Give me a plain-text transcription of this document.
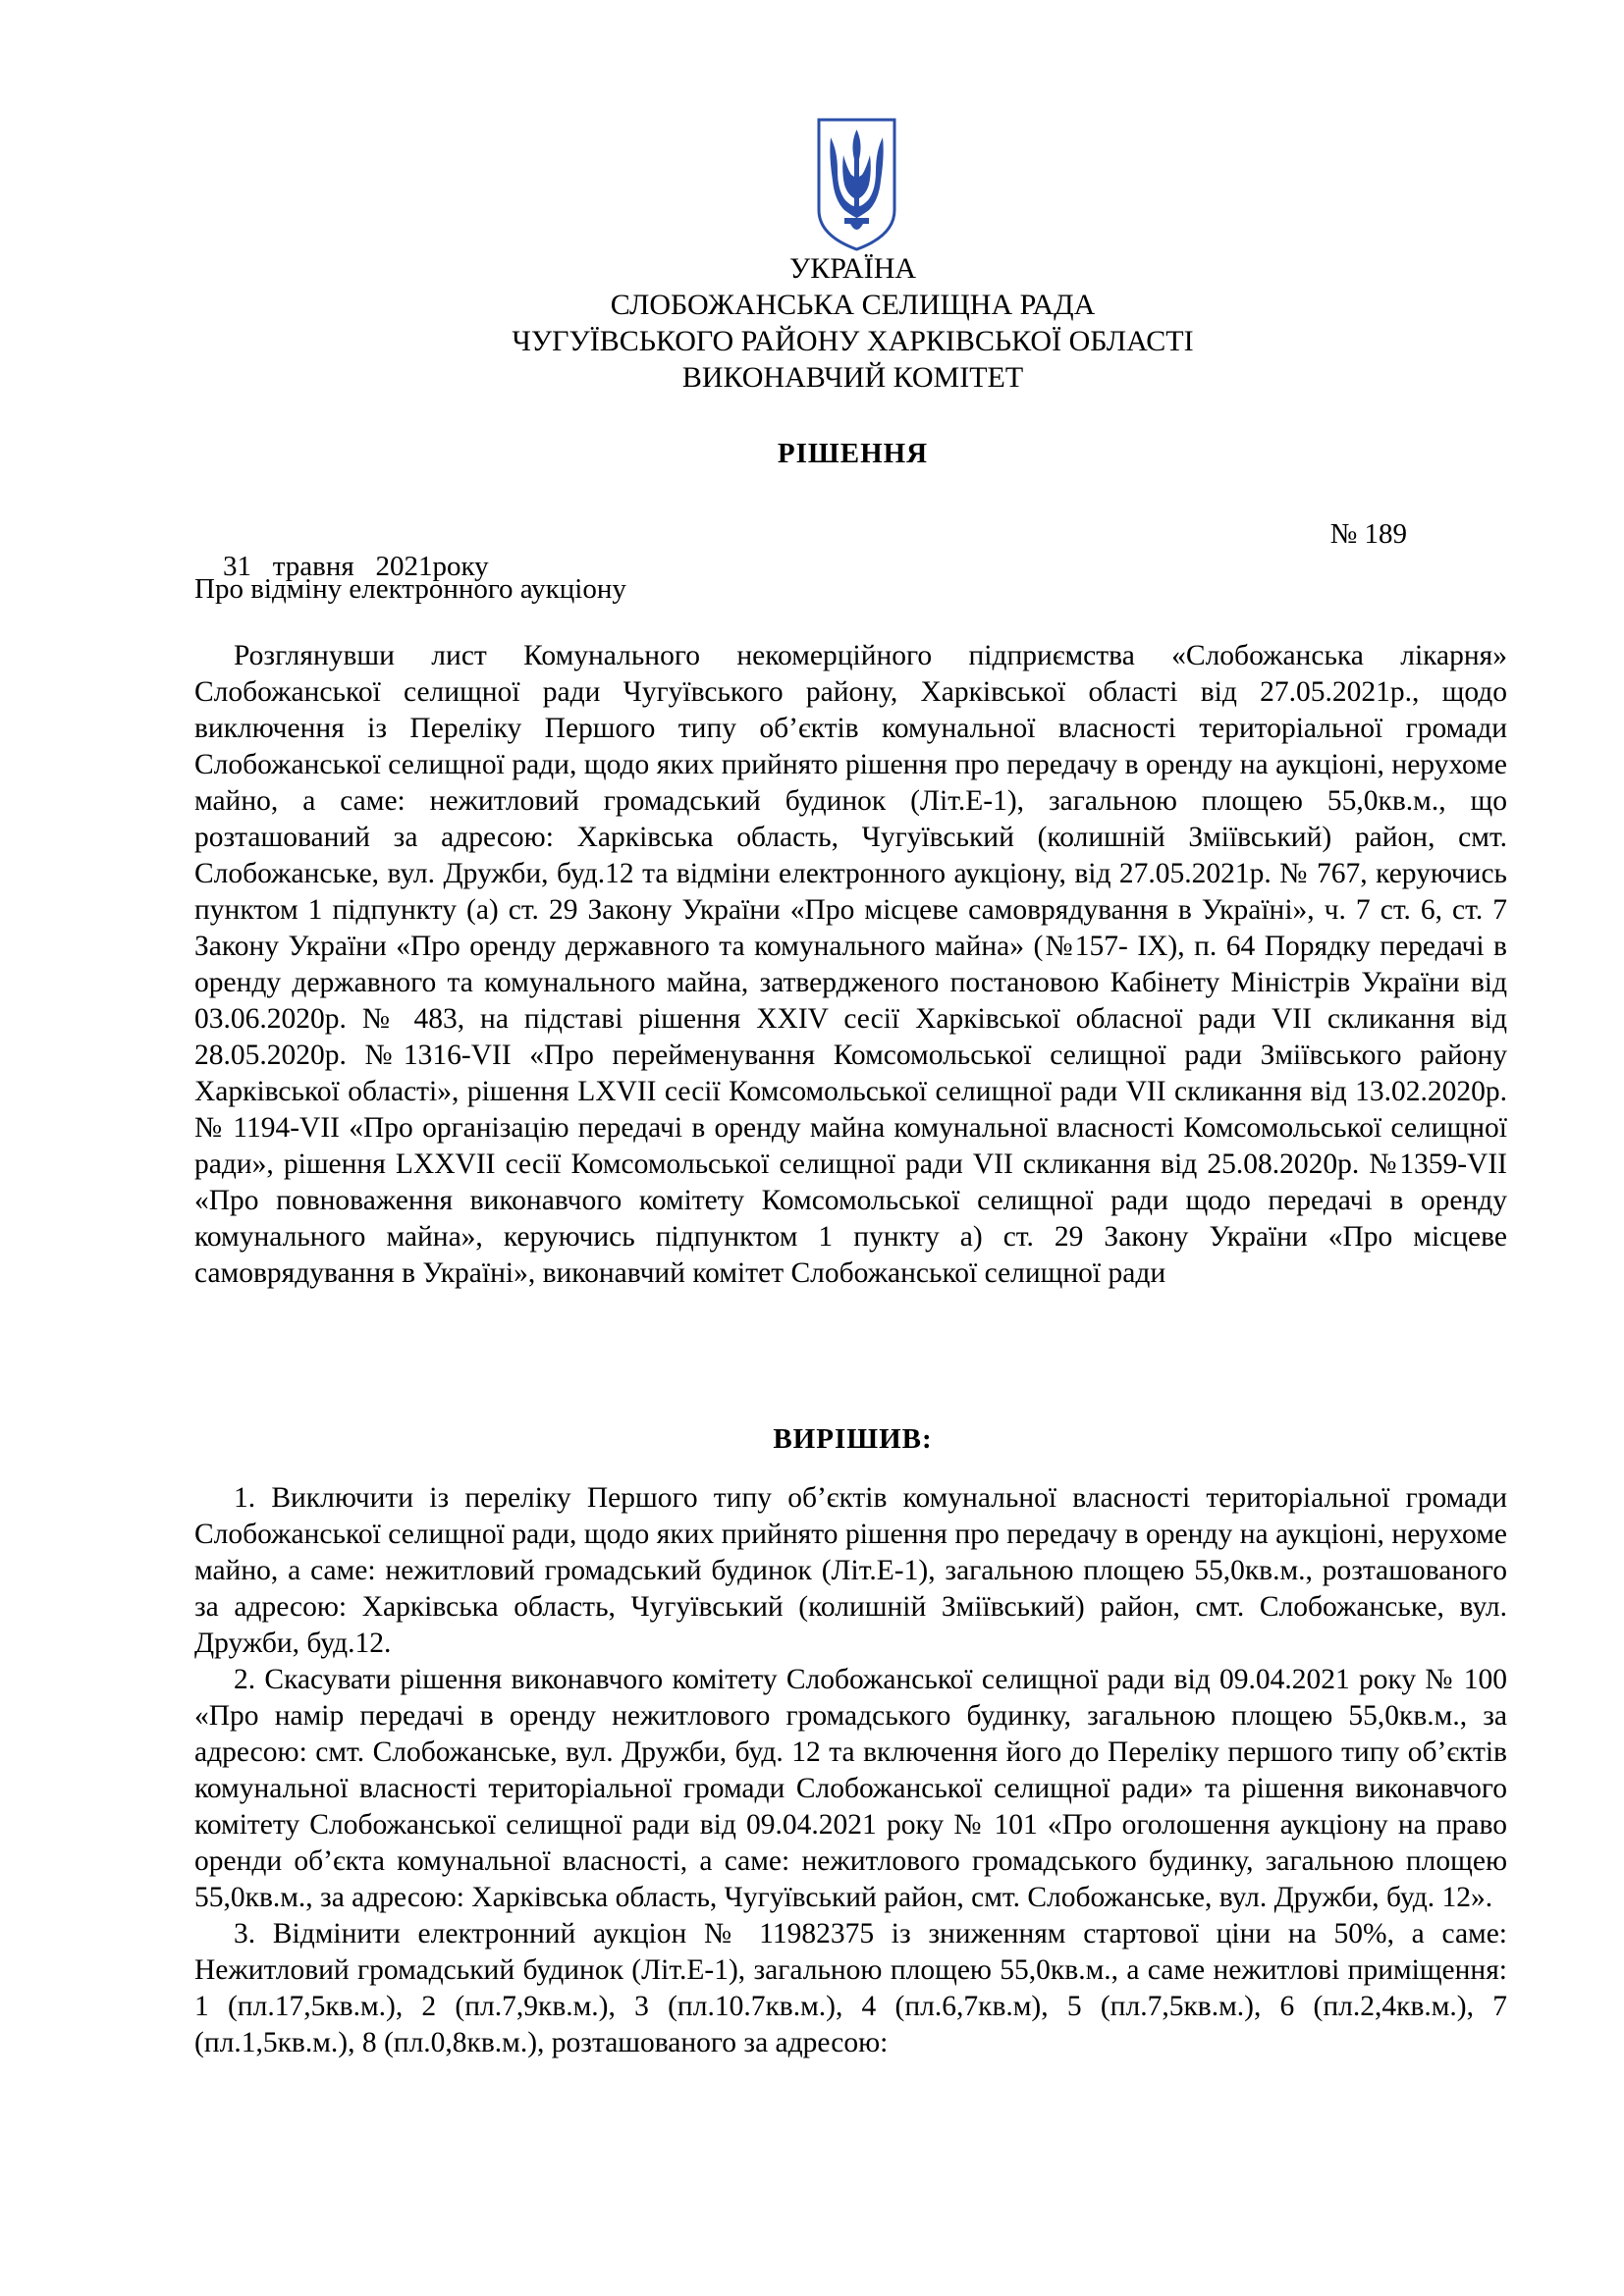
УКРАЇНА
СЛОБОЖАНСЬКА СЕЛИЩНА РАДА
ЧУГУЇВСЬКОГО РАЙОНУ ХАРКІВСЬКОЇ ОБЛАСТІ
ВИКОНАВЧИЙ КОМІТЕТ
РІШЕННЯ

31   травня   2021року

№ 189

Про відміну електронного аукціону

Розглянувши лист Комунального некомерційного підприємства «Слобожанська лікарня» Слобожанської селищної ради Чугуївського району, Харківської області від 27.05.2021р., щодо виключення із Переліку Першого типу об’єктів комунальної власності територіальної громади Слобожанської селищної ради, щодо яких прийнято рішення про передачу в оренду на аукціоні, нерухоме майно, а саме: нежитловий громадський будинок (Літ.Е-1), загальною площею 55,0кв.м., що розташований за адресою: Харківська область, Чугуївський (колишній Зміївський) район, смт. Слобожанське, вул. Дружби, буд.12 та відміни електронного аукціону, від 27.05.2021р. № 767, керуючись пунктом 1 підпункту (а) ст. 29 Закону України «Про місцеве самоврядування в Україні», ч. 7 ст. 6, ст. 7 Закону України «Про оренду державного та комунального майна» (№157- ІХ), п. 64 Порядку передачі в оренду державного та комунального майна, затвердженого постановою Кабінету Міністрів України від 03.06.2020р. № 483, на підставі рішення XXIV сесії Харківської обласної ради VII скликання від 28.05.2020р. №1316-VII «Про перейменування Комсомольської селищної ради Зміївського району Харківської області», рішення LXVII сесії Комсомольської селищної ради VII скликання від 13.02.2020р. № 1194-VII «Про організацію передачі в оренду майна комунальної власності Комсомольської селищної ради», рішення LXXVII сесії Комсомольської селищної ради VII скликання від 25.08.2020р. №1359-VII «Про повноваження виконавчого комітету Комсомольської селищної ради щодо передачі в оренду комунального майна», керуючись підпунктом 1 пункту а) ст. 29 Закону України «Про місцеве самоврядування в Україні», виконавчий комітет Слобожанської селищної ради

ВИРІШИВ:

1. Виключити із переліку Першого типу об’єктів комунальної власності територіальної громади Слобожанської селищної ради, щодо яких прийнято рішення про передачу в оренду на аукціоні, нерухоме майно, а саме: нежитловий громадський будинок (Літ.Е-1), загальною площею 55,0кв.м., розташованого за адресою: Харківська область, Чугуївський (колишній Зміївський) район, смт. Слобожанське, вул. Дружби, буд.12.

2. Скасувати рішення виконавчого комітету Слобожанської селищної ради від 09.04.2021 року № 100 «Про намір передачі в оренду нежитлового громадського будинку, загальною площею 55,0кв.м., за адресою: смт. Слобожанське, вул. Дружби, буд. 12 та включення його до Переліку першого типу об’єктів комунальної власності територіальної громади Слобожанської селищної ради» та рішення виконавчого комітету Слобожанської селищної ради від 09.04.2021 року № 101 «Про оголошення аукціону на право оренди об’єкта комунальної власності, а саме: нежитлового громадського будинку, загальною площею 55,0кв.м., за адресою: Харківська область, Чугуївський район, смт. Слобожанське, вул. Дружби, буд. 12».

3. Відмінити електронний аукціон № 11982375 із зниженням стартової ціни на 50%, а саме: Нежитловий громадський будинок (Літ.Е-1), загальною площею 55,0кв.м., а саме нежитлові приміщення: 1 (пл.17,5кв.м.), 2 (пл.7,9кв.м.), 3 (пл.10.7кв.м.), 4 (пл.6,7кв.м), 5 (пл.7,5кв.м.), 6 (пл.2,4кв.м.), 7 (пл.1,5кв.м.), 8 (пл.0,8кв.м.), розташованого за адресою:
